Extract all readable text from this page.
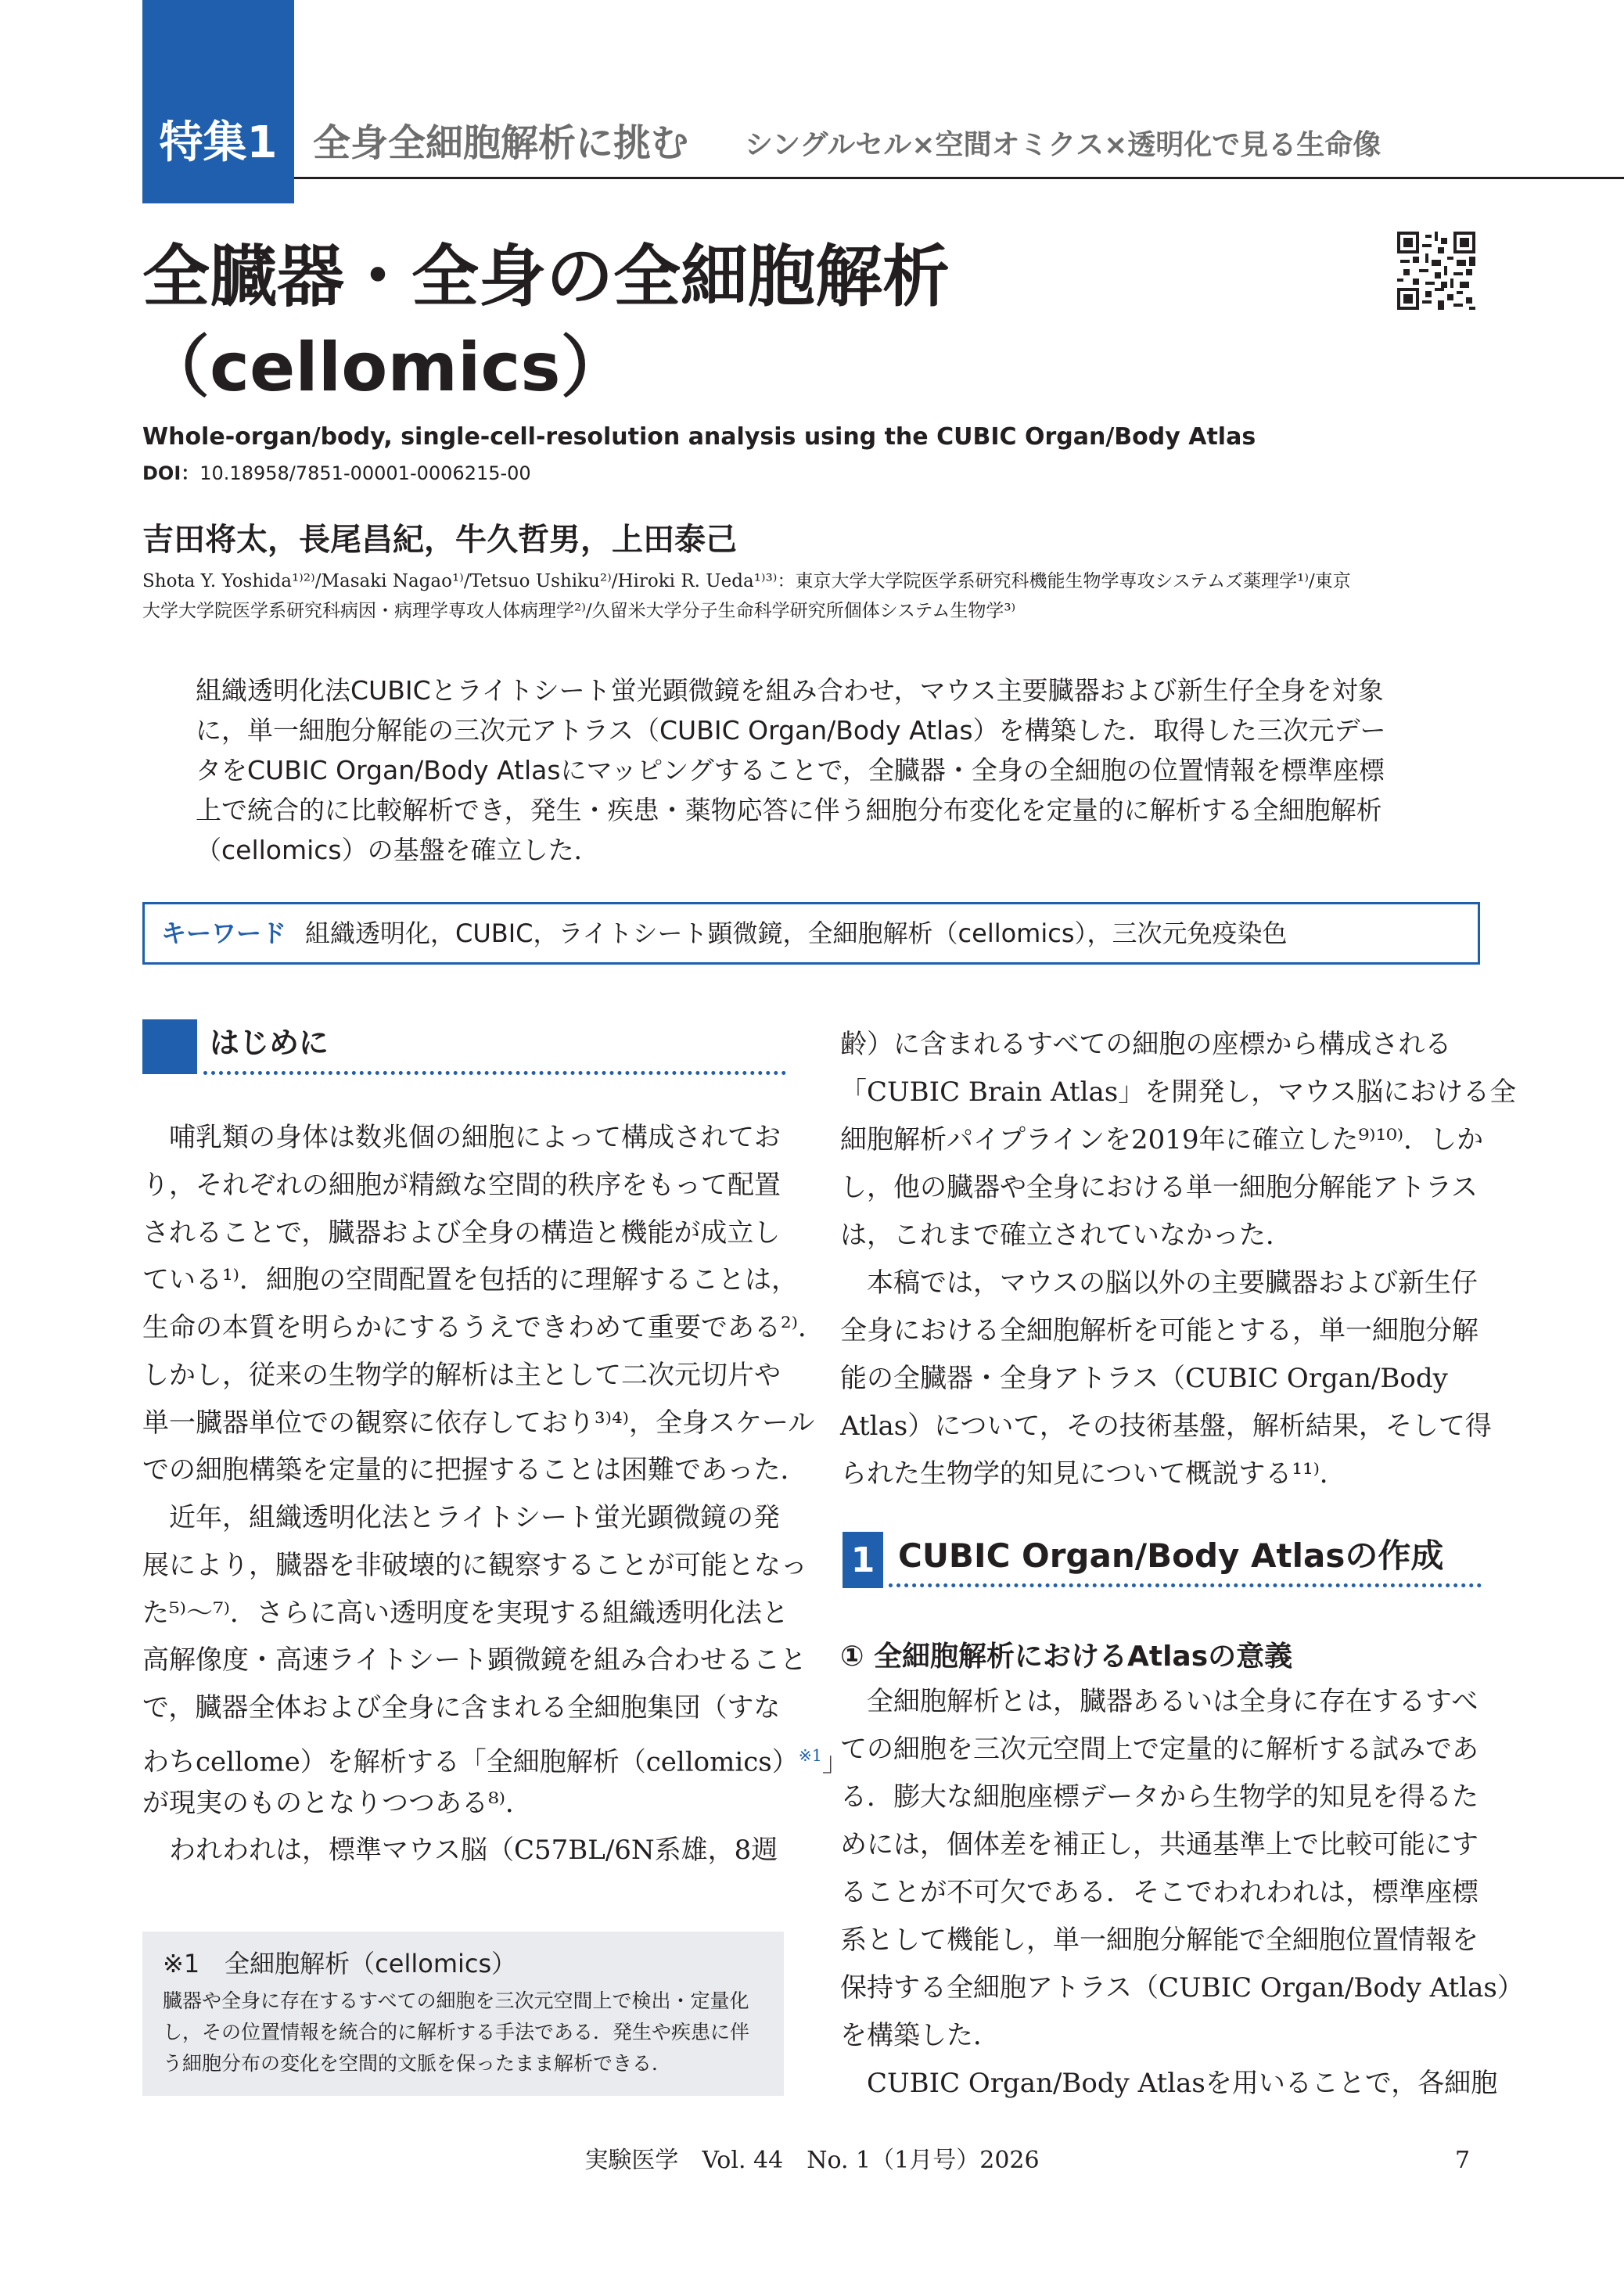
特集1 全身全細胞解析に挑む シングルセル×空間オミクス×透明化で見る生命像
全臓器・全身の全細胞解析
（cellomics）
Whole-organ/body, single-cell-resolution analysis using the CUBIC Organ/Body Atlas
DOI：10.18958/7851-00001-0006215-00
吉田将太，長尾昌紀，牛久哲男，上田泰己
Shota Y. Yoshida¹⁾²⁾/Masaki Nagao¹⁾/Tetsuo Ushiku²⁾/Hiroki R. Ueda¹⁾³⁾：東京大学大学院医学系研究科機能生物学専攻システムズ薬理学¹⁾/東京
大学大学院医学系研究科病因・病理学専攻人体病理学²⁾/久留米大学分子生命科学研究所個体システム生物学³⁾
組織透明化法CUBICとライトシート蛍光顕微鏡を組み合わせ，マウス主要臓器および新生仔全身を対象
に，単一細胞分解能の三次元アトラス（CUBIC Organ/Body Atlas）を構築した．取得した三次元デー
タをCUBIC Organ/Body Atlasにマッピングすることで，全臓器・全身の全細胞の位置情報を標準座標
上で統合的に比較解析でき，発生・疾患・薬物応答に伴う細胞分布変化を定量的に解析する全細胞解析
（cellomics）の基盤を確立した．
キーワード 組織透明化，CUBIC，ライトシート顕微鏡，全細胞解析（cellomics），三次元免疫染色
はじめに
　哺乳類の身体は数兆個の細胞によって構成されてお
り，それぞれの細胞が精緻な空間的秩序をもって配置
されることで，臓器および全身の構造と機能が成立し
ている¹⁾．細胞の空間配置を包括的に理解することは，
生命の本質を明らかにするうえできわめて重要である²⁾．
しかし，従来の生物学的解析は主として二次元切片や
単一臓器単位での観察に依存しており³⁾⁴⁾，全身スケール
での細胞構築を定量的に把握することは困難であった．
　近年，組織透明化法とライトシート蛍光顕微鏡の発
展により，臓器を非破壊的に観察することが可能となっ
た⁵⁾〜⁷⁾．さらに高い透明度を実現する組織透明化法と
高解像度・高速ライトシート顕微鏡を組み合わせること
で，臓器全体および全身に含まれる全細胞集団（すな
わちcellome）を解析する「全細胞解析（cellomics）$^{※1}$」
が現実のものとなりつつある⁸⁾．
　われわれは，標準マウス脳（C57BL/6N系雄，8週
※1　全細胞解析（cellomics）
臓器や全身に存在するすべての細胞を三次元空間上で検出・定量化
し，その位置情報を統合的に解析する手法である．発生や疾患に伴
う細胞分布の変化を空間的文脈を保ったまま解析できる．
齢）に含まれるすべての細胞の座標から構成される
「CUBIC Brain Atlas」を開発し，マウス脳における全
細胞解析パイプラインを2019年に確立した⁹⁾¹⁰⁾．しか
し，他の臓器や全身における単一細胞分解能アトラス
は，これまで確立されていなかった．
　本稿では，マウスの脳以外の主要臓器および新生仔
全身における全細胞解析を可能とする，単一細胞分解
能の全臓器・全身アトラス（CUBIC Organ/Body
Atlas）について，その技術基盤，解析結果，そして得
られた生物学的知見について概説する¹¹⁾．
1 CUBIC Organ/Body Atlasの作成
① 全細胞解析におけるAtlasの意義
　全細胞解析とは，臓器あるいは全身に存在するすべ
ての細胞を三次元空間上で定量的に解析する試みであ
る．膨大な細胞座標データから生物学的知見を得るた
めには，個体差を補正し，共通基準上で比較可能にす
ることが不可欠である．そこでわれわれは，標準座標
系として機能し，単一細胞分解能で全細胞位置情報を
保持する全細胞アトラス（CUBIC Organ/Body Atlas）
を構築した．
　CUBIC Organ/Body Atlasを用いることで，各細胞
実験医学　Vol. 44　No. 1（1月号）2026	7
